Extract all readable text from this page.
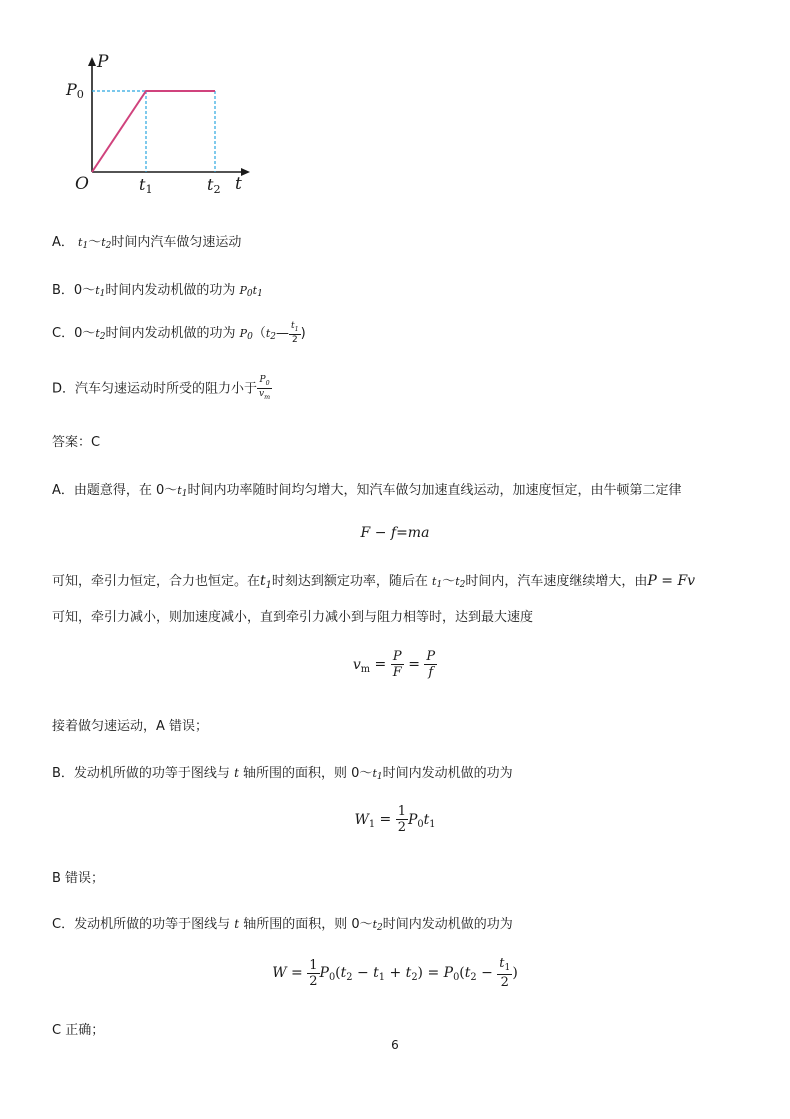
P
t
O
$P_0$
$t_1$	$t_2$
A． t1～t2时间内汽车做匀速运动
B．0～t1时间内发动机做的功为 P0t1
C．0～t2时间内发动机做的功为 P0（t2— $\frac{t_1}{2}$ )
D．汽车匀速运动时所受的阻力小于 $\frac{P_0}{v_m}$
答案：C
A．由题意得，在 0～t1时间内功率随时间均匀增大，知汽车做匀加速直线运动，加速度恒定，由牛顿第二定律
F − f=ma
可知，牵引力恒定，合力也恒定。在$t_1$时刻达到额定功率，随后在 t1～t2时间内，汽车速度继续增大，由P = Fv
可知，牵引力减小，则加速度减小，直到牵引力减小到与阻力相等时，达到最大速度
$v_m = \frac{P}{F} = \frac{P}{f}$
接着做匀速运动，A 错误；
B．发动机所做的功等于图线与 t 轴所围的面积，则 0～t1时间内发动机做的功为
$W_1 = \frac{1}{2} P_0t_1$
B 错误；
C．发动机所做的功等于图线与 t 轴所围的面积，则 0～t2时间内发动机做的功为
$W = \frac{1}{2} P_0(t_2 - t_1 + t_2) = P_0(t_2 - \frac{t_1}{2}$ )
C 正确；
6
